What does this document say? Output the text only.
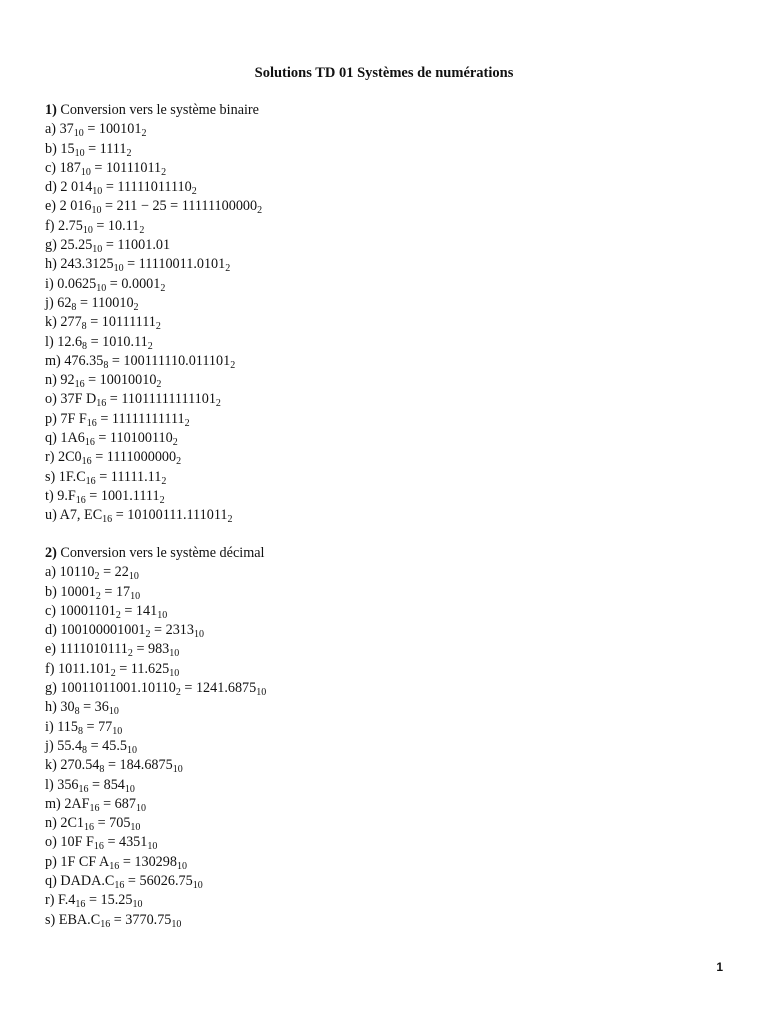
Solutions TD 01 Systèmes de numérations
1) Conversion vers le système binaire
a) $37_{10} = 100101_2$
b) $15_{10} = 1111_2$
c) $187_{10} = 10111011_2$
d) 2 $014_{10} = 11111011110_2$
e) 2 $016_{10} = 211 - 25 = 11111100000_2$
f) $2.75_{10} = 10.11_2$
g) $25.25_{10} = 11001.01$
h) $243.3125_{10} = 11110011.0101_2$
i) $0.0625_{10} = 0.0001_2$
j) $62_8 = 110010_2$
k) $277_8 = 10111111_2$
l) $12.6_8 = 1010.11_2$
m) $476.35_8 = 100111110.011101_2$
n) $92_{16} = 10010010_2$
o) 37F $D_{16} = 11011111111101_2$
p) 7F $F_{16} = 11111111111_2$
q) $1A6_{16} = 110100110_2$
r) $2C0_{16} = 1111000000_2$
s) $1F.C_{16} = 11111.11_2$
t) $9.F_{16} = 1001.1111_2$
u) A7, $EC_{16} = 10100111.111011_2$
2) Conversion vers le système décimal
a) $10110_2 = 22_{10}$
b) $10001_2 = 17_{10}$
c) $10001101_2 = 141_{10}$
d) $100100001001_2 = 2313_{10}$
e) $1111010111_2 = 983_{10}$
f) $1011.101_2 = 11.625_{10}$
g) $10011011001.10110_2 = 1241.6875_{10}$
h) $30_8 = 36_{10}$
i) $115_8 = 77_{10}$
j) $55.4_8 = 45.5_{10}$
k) $270.54_8 = 184.6875_{10}$
l) $356_{16} = 854_{10}$
m) $2AF_{16} = 687_{10}$
n) $2C1_{16} = 705_{10}$
o) 10F $F_{16} = 4351_{10}$
p) 1F CF $A_{16} = 130298_{10}$
q) $DADA.C_{16} = 56026.75_{10}$
r) $F.4_{16} = 15.25_{10}$
s) $EBA.C_{16} = 3770.75_{10}$
1
